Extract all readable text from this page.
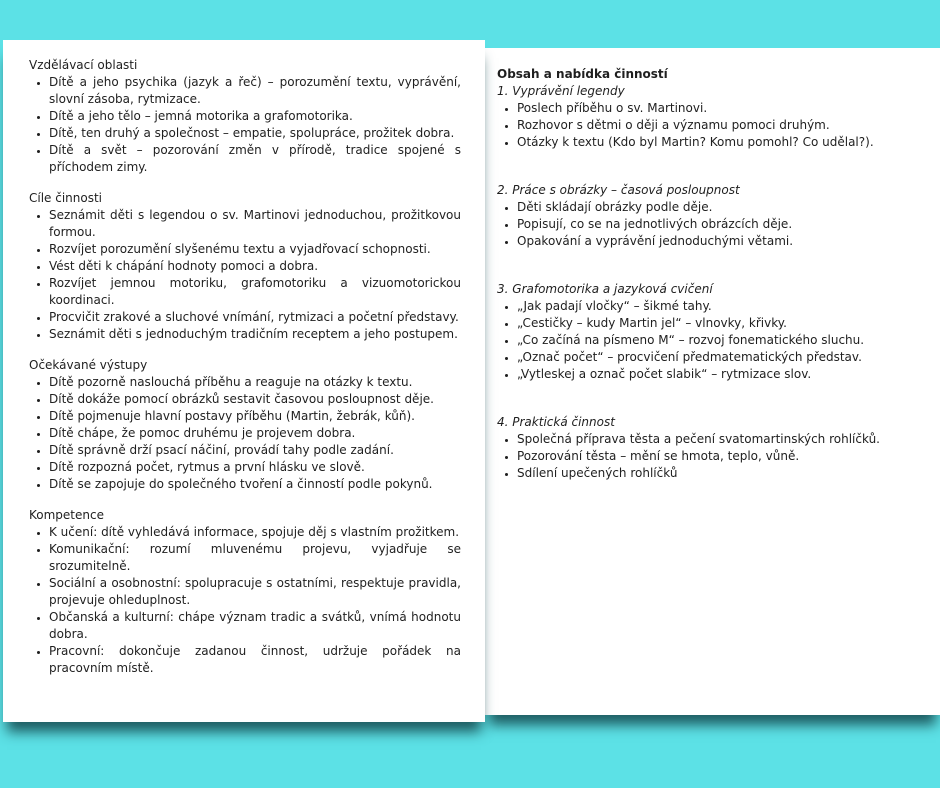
Vzdělávací oblasti

• Dítě a jeho psychika (jazyk a řeč) – porozumění textu, vyprávění, slovní zásoba, rytmizace.
• Dítě a jeho tělo – jemná motorika a grafomotorika.
• Dítě, ten druhý a společnost – empatie, spolupráce, prožitek dobra.
• Dítě a svět – pozorování změn v přírodě, tradice spojené s příchodem zimy.

Cíle činnosti

• Seznámit děti s legendou o sv. Martinovi jednoduchou, prožitkovou formou.
• Rozvíjet porozumění slyšenému textu a vyjadřovací schopnosti.
• Vést děti k chápání hodnoty pomoci a dobra.
• Rozvíjet jemnou motoriku, grafomotoriku a vizuomotorickou koordinaci.
• Procvičit zrakové a sluchové vnímání, rytmizaci a početní představy.
• Seznámit děti s jednoduchým tradičním receptem a jeho postupem.

Očekávané výstupy

• Dítě pozorně naslouchá příběhu a reaguje na otázky k textu.
• Dítě dokáže pomocí obrázků sestavit časovou posloupnost děje.
• Dítě pojmenuje hlavní postavy příběhu (Martin, žebrák, kůň).
• Dítě chápe, že pomoc druhému je projevem dobra.
• Dítě správně drží psací náčiní, provádí tahy podle zadání.
• Dítě rozpozná počet, rytmus a první hlásku ve slově.
• Dítě se zapojuje do společného tvoření a činností podle pokynů.

Kompetence

• K učení: dítě vyhledává informace, spojuje děj s vlastním prožitkem.
• Komunikační: rozumí mluvenému projevu, vyjadřuje se srozumitelně.
• Sociální a osobnostní: spolupracuje s ostatními, respektuje pravidla, projevuje ohleduplnost.
• Občanská a kulturní: chápe význam tradic a svátků, vnímá hodnotu dobra.
• Pracovní: dokončuje zadanou činnost, udržuje pořádek na pracovním místě.

Obsah a nabídka činností

1. Vyprávění legendy

• Poslech příběhu o sv. Martinovi.
• Rozhovor s dětmi o ději a významu pomoci druhým.
• Otázky k textu (Kdo byl Martin? Komu pomohl? Co udělal?).

2. Práce s obrázky – časová posloupnost

• Děti skládají obrázky podle děje.
• Popisují, co se na jednotlivých obrázcích děje.
• Opakování a vyprávění jednoduchými větami.

3. Grafomotorika a jazyková cvičení

• „Jak padají vločky“ – šikmé tahy.
• „Cestičky – kudy Martin jel“ – vlnovky, křivky.
• „Co začíná na písmeno M“ – rozvoj fonematického sluchu.
• „Označ počet“ – procvičení předmatematických představ.
• „Vytleskej a označ počet slabik“ – rytmizace slov.

4. Praktická činnost

• Společná příprava těsta a pečení svatomartinských rohlíčků.
• Pozorování těsta – mění se hmota, teplo, vůně.
• Sdílení upečených rohlíčků
